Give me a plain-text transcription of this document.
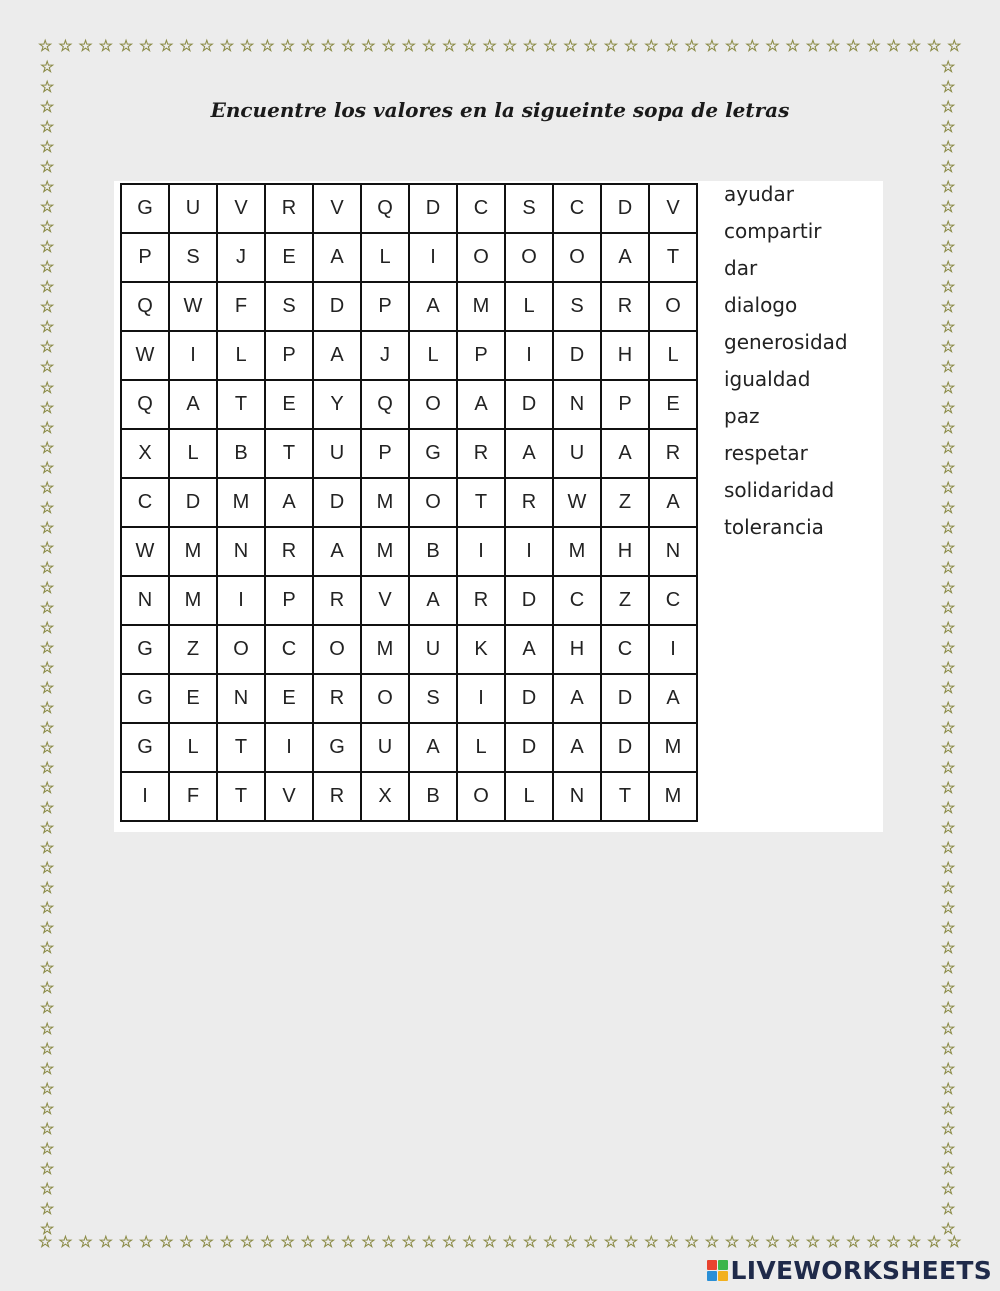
☆ ☆ ☆ ☆ ☆ ☆ ☆ ☆ ☆ ☆ ☆ ☆ ☆ ☆ ☆ ☆ ☆ ☆ ☆ ☆ ☆ ☆ ☆ ☆ ☆ ☆ ☆ ☆ ☆ ☆ ☆ ☆ ☆ ☆ ☆ ☆ ☆ ☆ ☆ ☆ ☆ ☆ ☆ ☆ ☆ ☆
☆ ☆ ☆ ☆ ☆ ☆ ☆ ☆ ☆ ☆ ☆ ☆ ☆ ☆ ☆ ☆ ☆ ☆ ☆ ☆ ☆ ☆ ☆ ☆ ☆ ☆ ☆ ☆ ☆ ☆ ☆ ☆ ☆ ☆ ☆ ☆ ☆ ☆ ☆ ☆ ☆ ☆ ☆ ☆ ☆ ☆
☆
☆
☆
☆
☆
☆
☆
☆
☆
☆
☆
☆
☆
☆
☆
☆
☆
☆
☆
☆
☆
☆
☆
☆
☆
☆
☆
☆
☆
☆
☆
☆
☆
☆
☆
☆
☆
☆
☆
☆
☆
☆
☆
☆
☆
☆
☆
☆
☆
☆
☆
☆
☆
☆
☆
☆
☆
☆
☆
☆
☆
☆
☆
☆
☆
☆
☆
☆
☆
☆
☆
☆
☆
☆
☆
☆
☆
☆
☆
☆
☆
☆
☆
☆
☆
☆
☆
☆
☆
☆
☆
☆
☆
☆
☆
☆
☆
☆
☆
☆
☆
☆
☆
☆
☆
☆
☆
☆
☆
☆
☆
☆
☆
☆
☆
☆
☆
☆
Encuentre los valores en la sigueinte sopa de letras
G	U	V	R	V	Q	D	C	S	C	D	V
P	S	J	E	A	L	I	O	O	O	A	T
Q	W	F	S	D	P	A	M	L	S	R	O
W	I	L	P	A	J	L	P	I	D	H	L
Q	A	T	E	Y	Q	O	A	D	N	P	E
X	L	B	T	U	P	G	R	A	U	A	R
C	D	M	A	D	M	O	T	R	W	Z	A
W	M	N	R	A	M	B	I	I	M	H	N
N	M	I	P	R	V	A	R	D	C	Z	C
G	Z	O	C	O	M	U	K	A	H	C	I
G	E	N	E	R	O	S	I	D	A	D	A
G	L	T	I	G	U	A	L	D	A	D	M
I	F	T	V	R	X	B	O	L	N	T	M
ayudar
compartir
dar
dialogo
generosidad
igualdad
paz
respetar
solidaridad
tolerancia
LIVEWORKSHEETS
